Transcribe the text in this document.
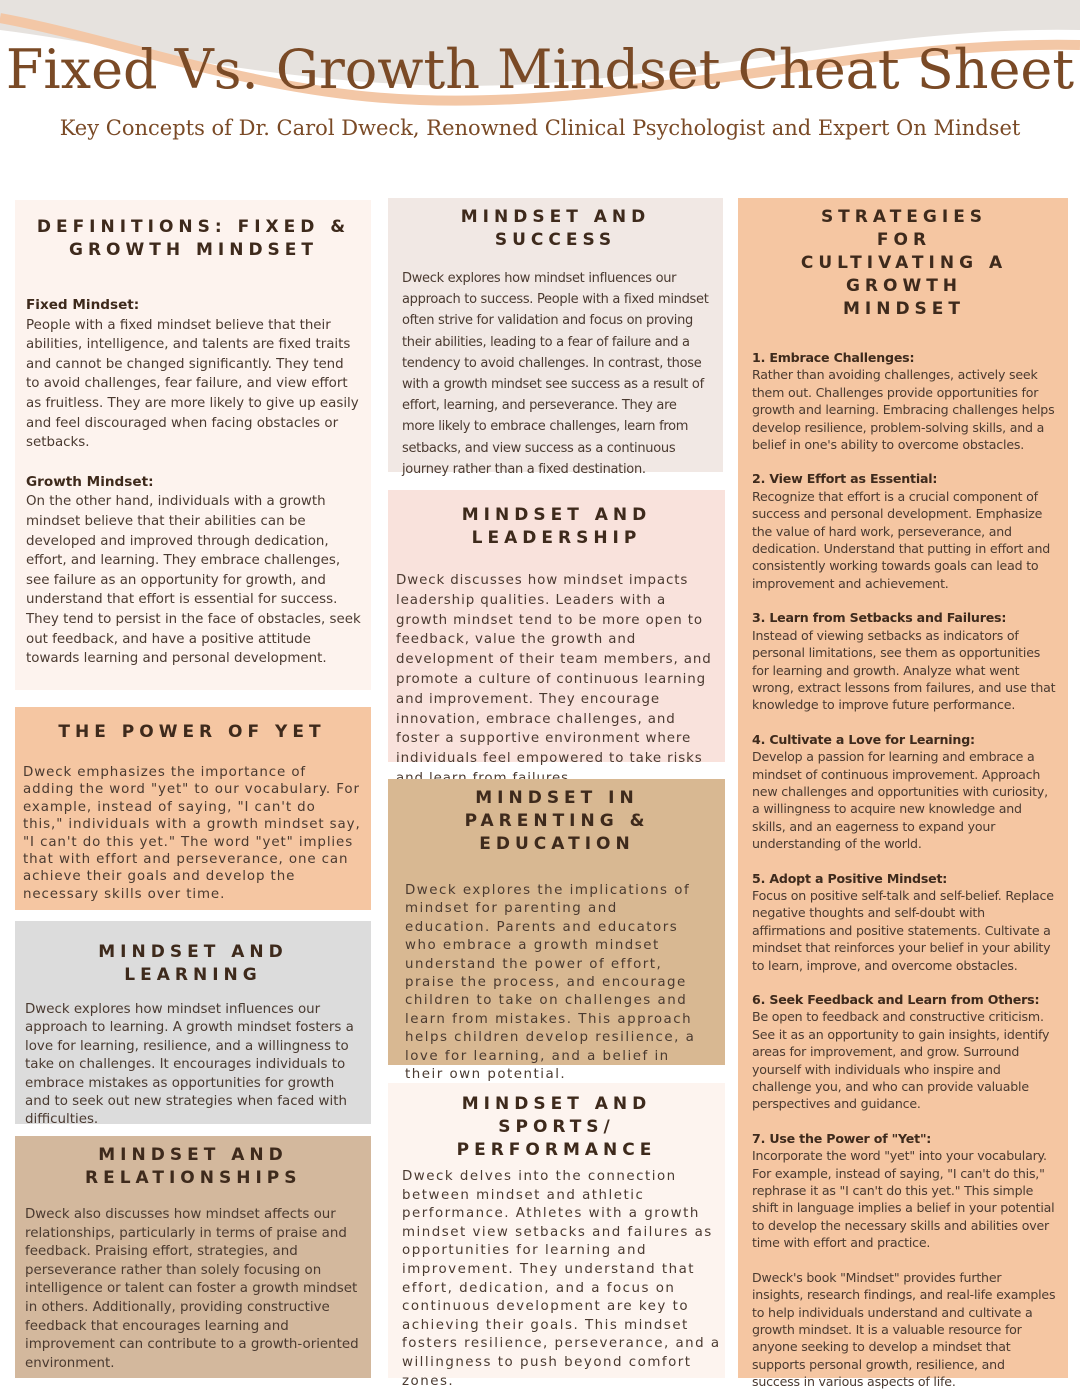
Fixed Vs. Growth Mindset Cheat Sheet
Key Concepts of Dr. Carol Dweck, Renowned Clinical Psychologist and Expert On Mindset
DEFINITIONS: FIXED & GROWTH MINDSET

Fixed Mindset:
People with a fixed mindset believe that their abilities, intelligence, and talents are fixed traits and cannot be changed significantly. They tend to avoid challenges, fear failure, and view effort as fruitless. They are more likely to give up easily and feel discouraged when facing obstacles or setbacks.

Growth Mindset:
On the other hand, individuals with a growth mindset believe that their abilities can be developed and improved through dedication, effort, and learning. They embrace challenges, see failure as an opportunity for growth, and understand that effort is essential for success. They tend to persist in the face of obstacles, seek out feedback, and have a positive attitude towards learning and personal development.

THE POWER OF YET

Dweck emphasizes the importance of adding the word "yet" to our vocabulary. For example, instead of saying, "I can't do this," individuals with a growth mindset say, "I can't do this yet." The word "yet" implies that with effort and perseverance, one can achieve their goals and develop the necessary skills over time.

MINDSET AND LEARNING

Dweck explores how mindset influences our approach to learning. A growth mindset fosters a love for learning, resilience, and a willingness to take on challenges. It encourages individuals to embrace mistakes as opportunities for growth and to seek out new strategies when faced with difficulties.

MINDSET AND RELATIONSHIPS

Dweck also discusses how mindset affects our relationships, particularly in terms of praise and feedback. Praising effort, strategies, and perseverance rather than solely focusing on intelligence or talent can foster a growth mindset in others. Additionally, providing constructive feedback that encourages learning and improvement can contribute to a growth-oriented environment.

MINDSET AND SUCCESS

Dweck explores how mindset influences our approach to success. People with a fixed mindset often strive for validation and focus on proving their abilities, leading to a fear of failure and a tendency to avoid challenges. In contrast, those with a growth mindset see success as a result of effort, learning, and perseverance. They are more likely to embrace challenges, learn from setbacks, and view success as a continuous journey rather than a fixed destination.

MINDSET AND LEADERSHIP

Dweck discusses how mindset impacts leadership qualities. Leaders with a growth mindset tend to be more open to feedback, value the growth and development of their team members, and promote a culture of continuous learning and improvement. They encourage innovation, embrace challenges, and foster a supportive environment where individuals feel empowered to take risks

MINDSET IN PARENTING & EDUCATION

Dweck explores the implications of mindset for parenting and education. Parents and educators who embrace a growth mindset understand the power of effort, praise the process, and encourage children to take on challenges and learn from mistakes. This approach helps children develop resilience, a love for learning, and a belief in their own potential.

MINDSET AND SPORTS/ PERFORMANCE

Dweck delves into the connection between mindset and athletic performance. Athletes with a growth mindset view setbacks and failures as opportunities for learning and improvement. They understand that effort, dedication, and a focus on continuous development are key to achieving their goals. This mindset fosters resilience, perseverance, and a willingness to push beyond comfort zones.

STRATEGIES FOR CULTIVATING A GROWTH MINDSET

1. Embrace Challenges:
Rather than avoiding challenges, actively seek them out. Challenges provide opportunities for growth and learning. Embracing challenges helps develop resilience, problem-solving skills, and a belief in one's ability to overcome obstacles.

2. View Effort as Essential:
Recognize that effort is a crucial component of success and personal development. Emphasize the value of hard work, perseverance, and dedication. Understand that putting in effort and consistently working towards goals can lead to improvement and achievement.

3. Learn from Setbacks and Failures:
Instead of viewing setbacks as indicators of personal limitations, see them as opportunities for learning and growth. Analyze what went wrong, extract lessons from failures, and use that knowledge to improve future performance.

4. Cultivate a Love for Learning:
Develop a passion for learning and embrace a mindset of continuous improvement. Approach new challenges and opportunities with curiosity, a willingness to acquire new knowledge and skills, and an eagerness to expand your understanding of the world.

5. Adopt a Positive Mindset:
Focus on positive self-talk and self-belief. Replace negative thoughts and self-doubt with affirmations and positive statements. Cultivate a mindset that reinforces your belief in your ability to learn, improve, and overcome obstacles.

6. Seek Feedback and Learn from Others:
Be open to feedback and constructive criticism. See it as an opportunity to gain insights, identify areas for improvement, and grow. Surround yourself with individuals who inspire and challenge you, and who can provide valuable perspectives and guidance.

7. Use the Power of "Yet":
Incorporate the word "yet" into your vocabulary. For example, instead of saying, "I can't do this," rephrase it as "I can't do this yet." This simple shift in language implies a belief in your potential to develop the necessary skills and abilities over time with effort and practice.

Dweck's book "Mindset" provides further insights, research findings, and real-life examples to help individuals understand and cultivate a growth mindset. It is a valuable resource for anyone seeking to develop a mindset that supports personal growth, resilience, and success in various aspects of life.
